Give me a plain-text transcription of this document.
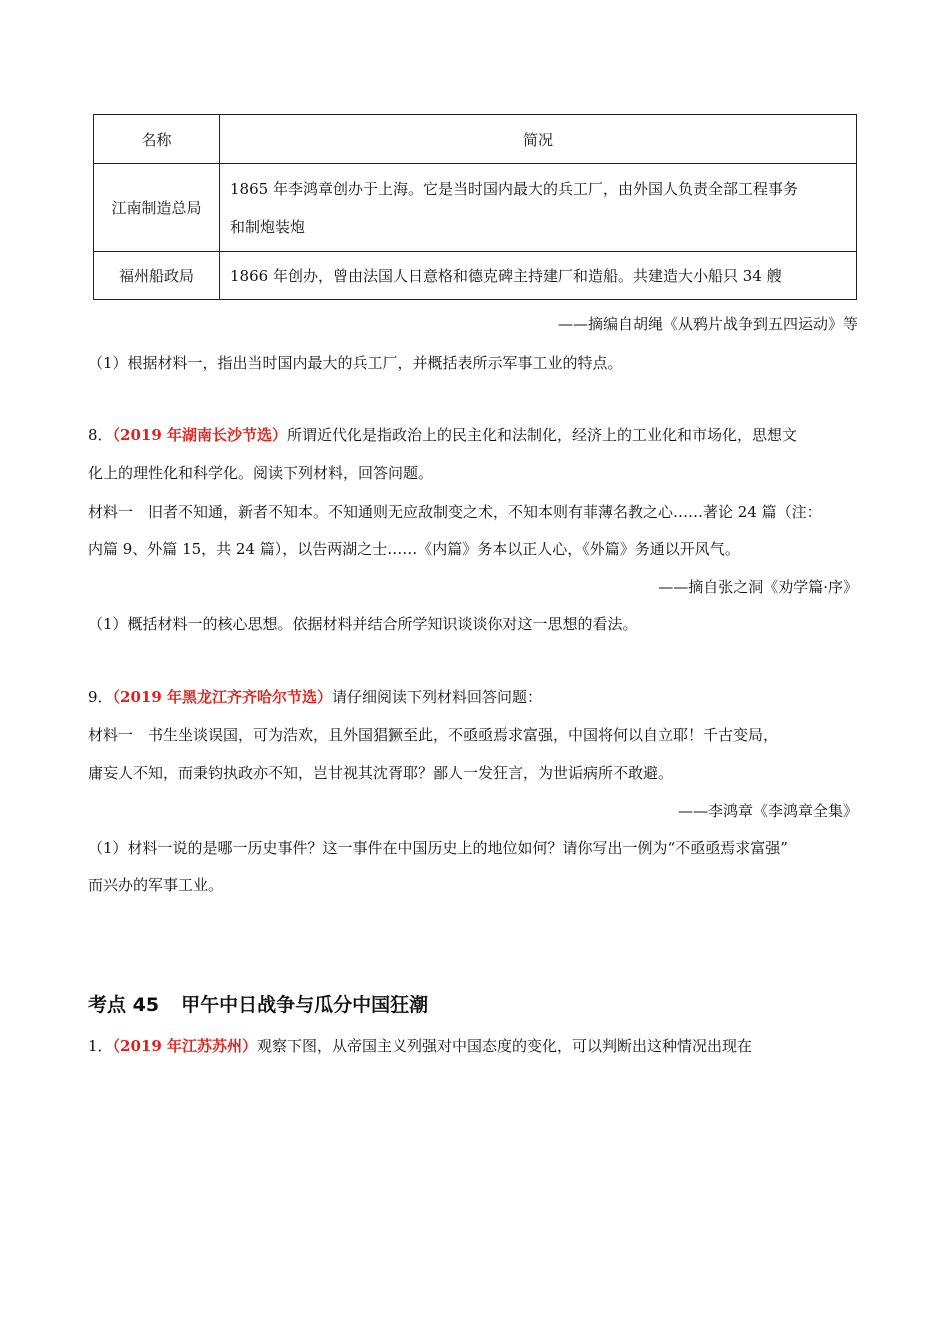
名称	简况
江南制造总局	1865 年李鸿章创办于上海。它是当时国内最大的兵工厂，由外国人负责全部工程事务
和制炮装炮

福州船政局	1866 年创办，曾由法国人日意格和德克碑主持建厂和造船。共建造大小船只 34 艘
——摘编自胡绳《从鸦片战争到五四运动》等
（1）根据材料一，指出当时国内最大的兵工厂，并概括表所示军事工业的特点。
8．（2019 年湖南长沙节选）所谓近代化是指政治上的民主化和法制化，经济上的工业化和市场化，思想文
化上的理性化和科学化。阅读下列材料，回答问题。
材料一　旧者不知通，新者不知本。不知通则无应敌制变之术，不知本则有菲薄名教之心……著论 24 篇（注：
内篇 9、外篇 15，共 24 篇），以告两湖之士……《内篇》务本以正人心，《外篇》务通以开风气。
——摘自张之洞《劝学篇·序》
（1）概括材料一的核心思想。依据材料并结合所学知识谈谈你对这一思想的看法。
9．（2019 年黑龙江齐齐哈尔节选）请仔细阅读下列材料回答问题：
材料一　书生坐谈误国，可为浩欢，且外国猖獗至此，不亟亟焉求富强，中国将何以自立耶！千古变局，
庸妄人不知，而秉钧执政亦不知，岂甘视其沈胥耶？鄙人一发狂言，为世诟病所不敢避。
——李鸿章《李鸿章全集》
（1）材料一说的是哪一历史事件？这一事件在中国历史上的地位如何？请你写出一例为“不亟亟焉求富强”
而兴办的军事工业。
考点 45 甲午中日战争与瓜分中国狂潮
1．（2019 年江苏苏州）观察下图，从帝国主义列强对中国态度的变化，可以判断出这种情况出现在
